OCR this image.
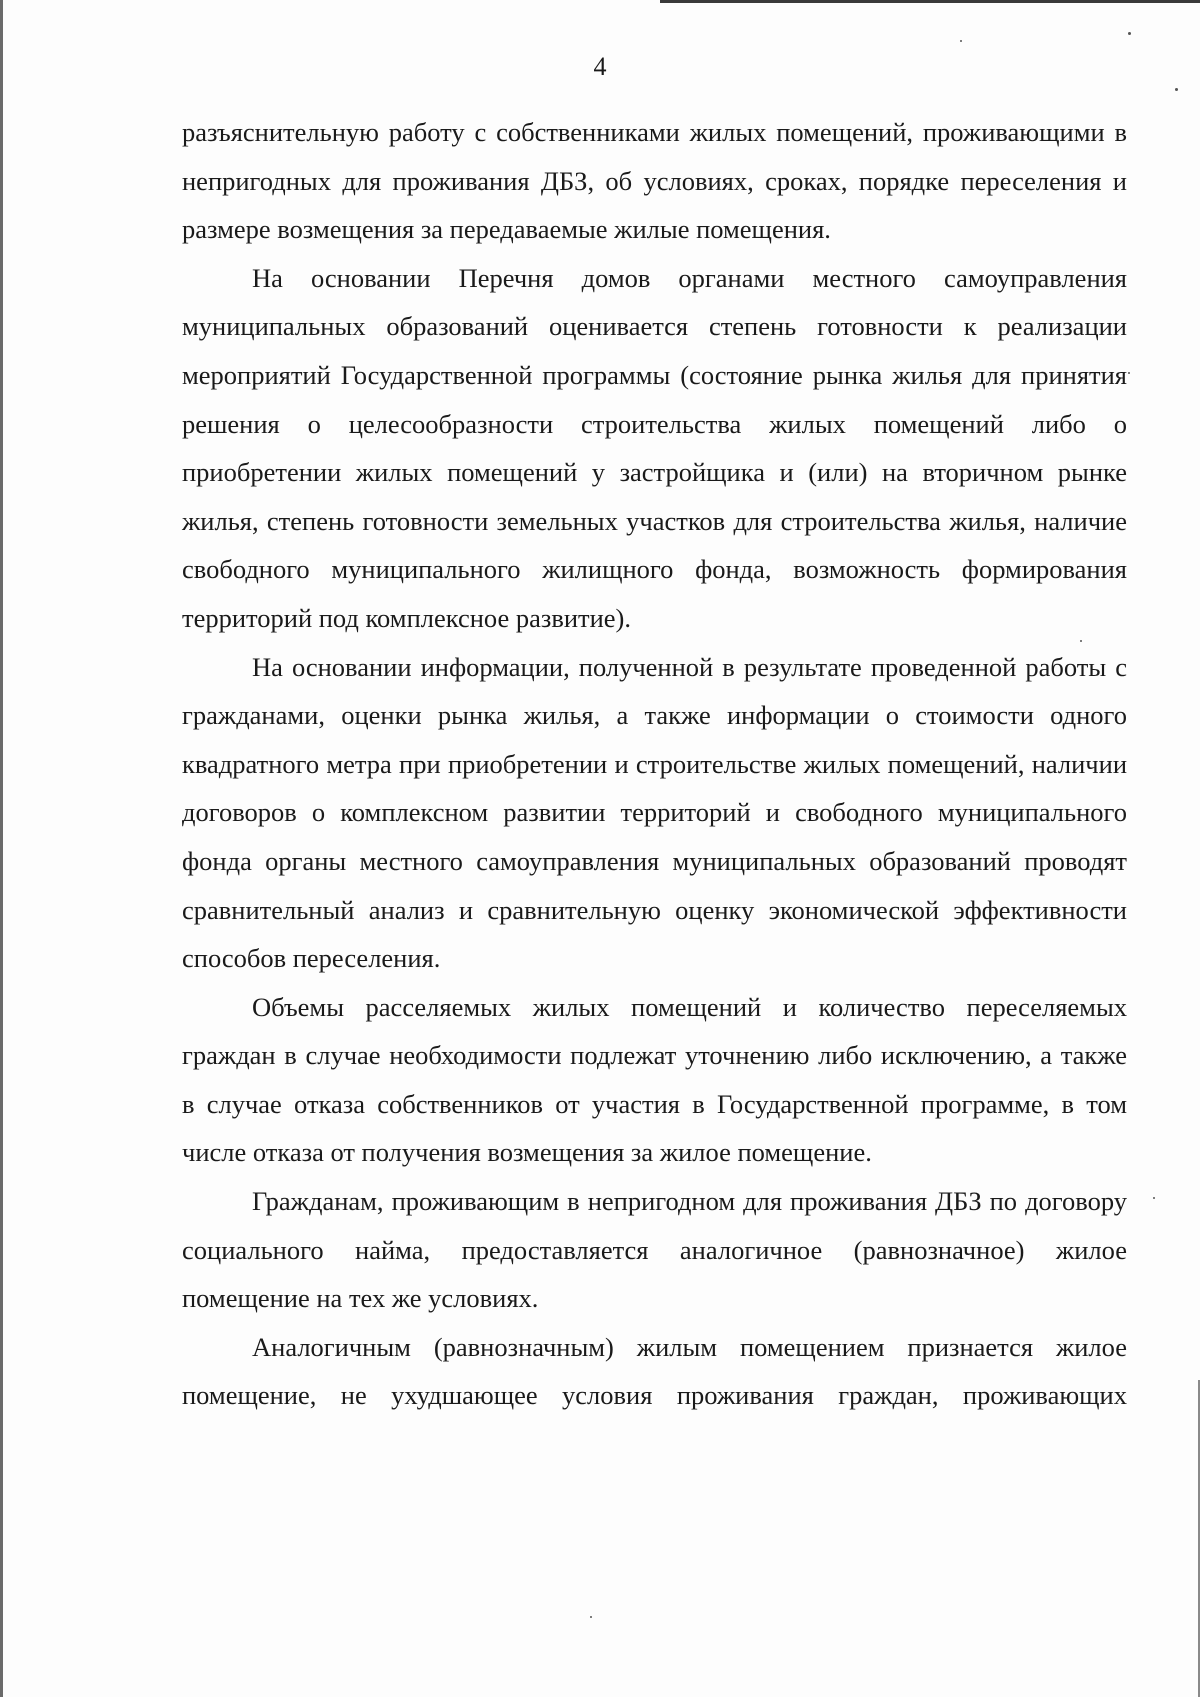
4

разъяснительную работу с собственниками жилых помещений, проживающими в непригодных для проживания ДБЗ, об условиях, сроках, порядке переселения и размере возмещения за передаваемые жилые помещения.

На основании Перечня домов органами местного самоуправления муниципальных образований оценивается степень готовности к реализации мероприятий Государственной программы (состояние рынка жилья для принятия решения о целесообразности строительства жилых помещений либо о приобретении жилых помещений у застройщика и (или) на вторичном рынке жилья, степень готовности земельных участков для строительства жилья, наличие свободного муниципального жилищного фонда, возможность формирования территорий под комплексное развитие).

На основании информации, полученной в результате проведенной работы с гражданами, оценки рынка жилья, а также информации о стоимости одного квадратного метра при приобретении и строительстве жилых помещений, наличии договоров о комплексном развитии территорий и свободного муниципального фонда органы местного самоуправления муниципальных образований проводят сравнительный анализ и сравнительную оценку экономической эффективности способов переселения.

Объемы расселяемых жилых помещений и количество переселяемых граждан в случае необходимости подлежат уточнению либо исключению, а также в случае отказа собственников от участия в Государственной программе, в том числе отказа от получения возмещения за жилое помещение.

Гражданам, проживающим в непригодном для проживания ДБЗ по договору социального найма, предоставляется аналогичное (равнозначное) жилое помещение на тех же условиях.

Аналогичным (равнозначным) жилым помещением признается жилое помещение, не ухудшающее условия проживания граждан, проживающих
